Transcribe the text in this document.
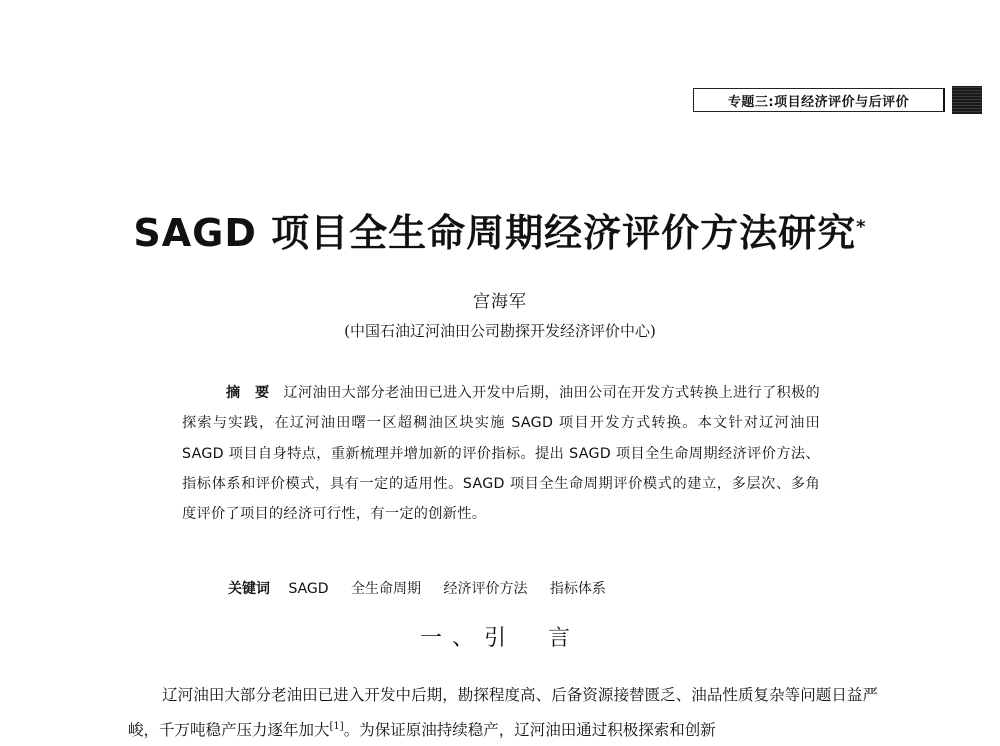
专题三:项目经济评价与后评价
SAGD 项目全生命周期经济评价方法研究*
宫海军
(中国石油辽河油田公司勘探开发经济评价中心)
摘　要 辽河油田大部分老油田已进入开发中后期，油田公司在开发方式转换上进行了积极的探索与实践，在辽河油田曙一区超稠油区块实施 SAGD 项目开发方式转换。本文针对辽河油田 SAGD 项目自身特点，重新梳理并增加新的评价指标。提出 SAGD 项目全生命周期经济评价方法、指标体系和评价模式，具有一定的适用性。SAGD 项目全生命周期评价模式的建立，多层次、多角度评价了项目的经济可行性，有一定的创新性。
关键词 SAGD 全生命周期 经济评价方法 指标体系
一、引　言
辽河油田大部分老油田已进入开发中后期，勘探程度高、后备资源接替匮乏、油品性质复杂等问题日益严峻，千万吨稳产压力逐年加大[1]。为保证原油持续稳产，辽河油田通过积极探索和创新
